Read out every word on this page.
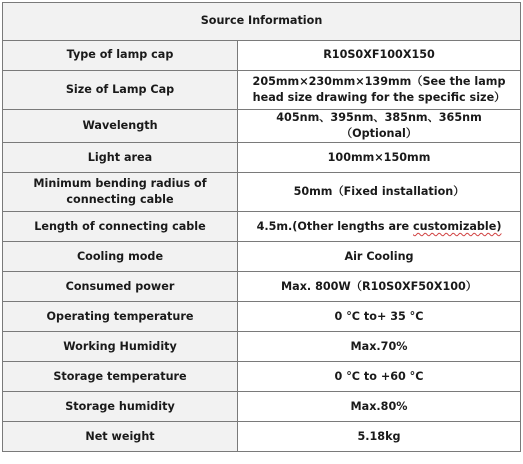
Source Information	
Type of lamp cap	R10S0XF100X150
Size of Lamp Cap	205mm×230mm×139mm（See the lamp head size drawing for the specific size）
Wavelength	405nm、395nm、385nm、365nm（Optional）
Light area	100mm×150mm
Minimum bending radius of connecting cable	50mm（Fixed installation）
Length of connecting cable	4.5m.(Other lengths are customizable)
Cooling mode	Air Cooling
Consumed power	Max. 800W（R10S0XF50X100）
Operating temperature	0 °C to+ 35 °C
Working Humidity	Max.70%
Storage temperature	0 °C to +60 °C
Storage humidity	Max.80%
Net weight	5.18kg
